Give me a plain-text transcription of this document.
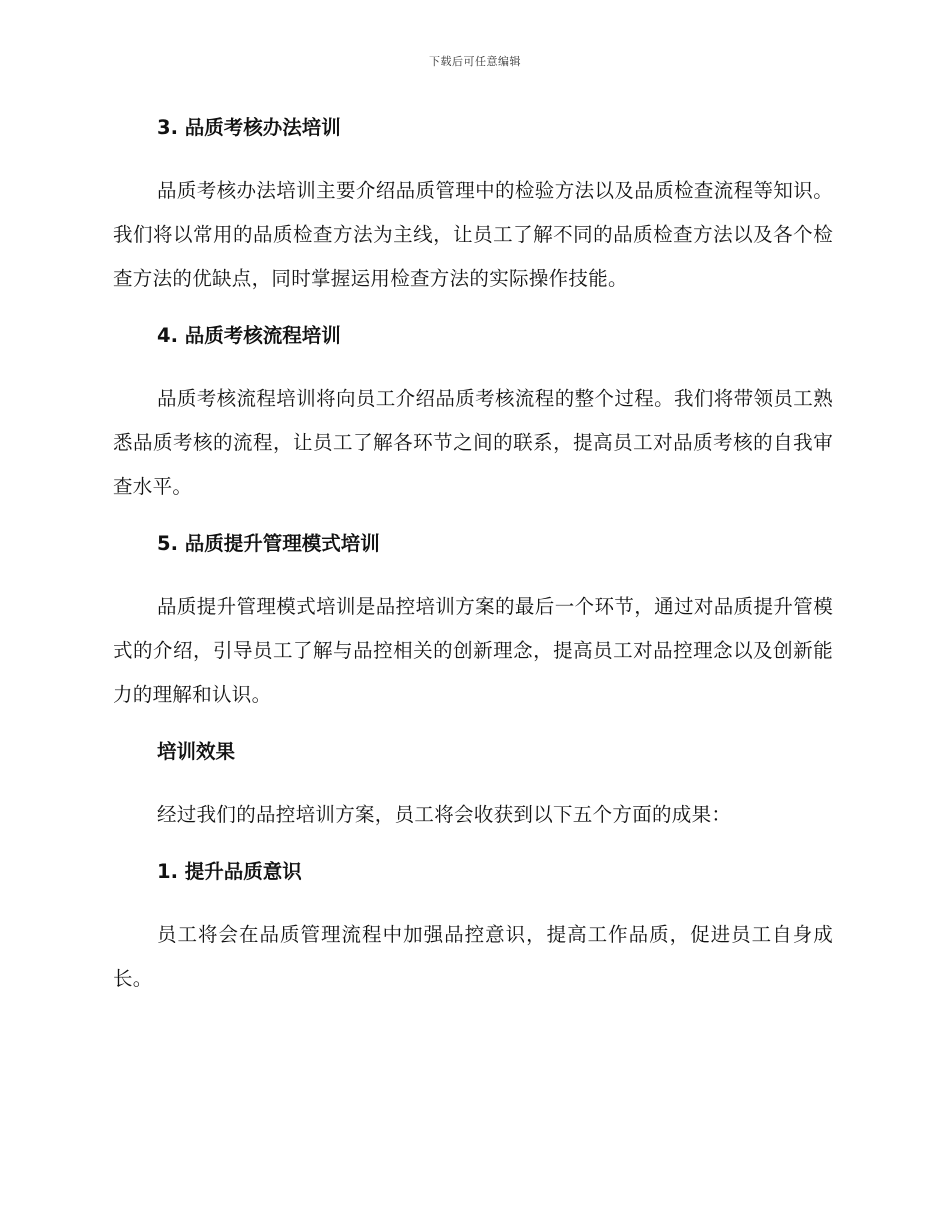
下载后可任意编辑
3. 品质考核办法培训

品质考核办法培训主要介绍品质管理中的检验方法以及品质检查流程等知识。我们将以常用的品质检查方法为主线，让员工了解不同的品质检查方法以及各个检查方法的优缺点，同时掌握运用检查方法的实际操作技能。

4. 品质考核流程培训

品质考核流程培训将向员工介绍品质考核流程的整个过程。我们将带领员工熟悉品质考核的流程，让员工了解各环节之间的联系，提高员工对品质考核的自我审查水平。

5. 品质提升管理模式培训

品质提升管理模式培训是品控培训方案的最后一个环节，通过对品质提升管模式的介绍，引导员工了解与品控相关的创新理念，提高员工对品控理念以及创新能力的理解和认识。

培训效果

经过我们的品控培训方案，员工将会收获到以下五个方面的成果：

1. 提升品质意识

员工将会在品质管理流程中加强品控意识，提高工作品质，促进员工自身成长。
